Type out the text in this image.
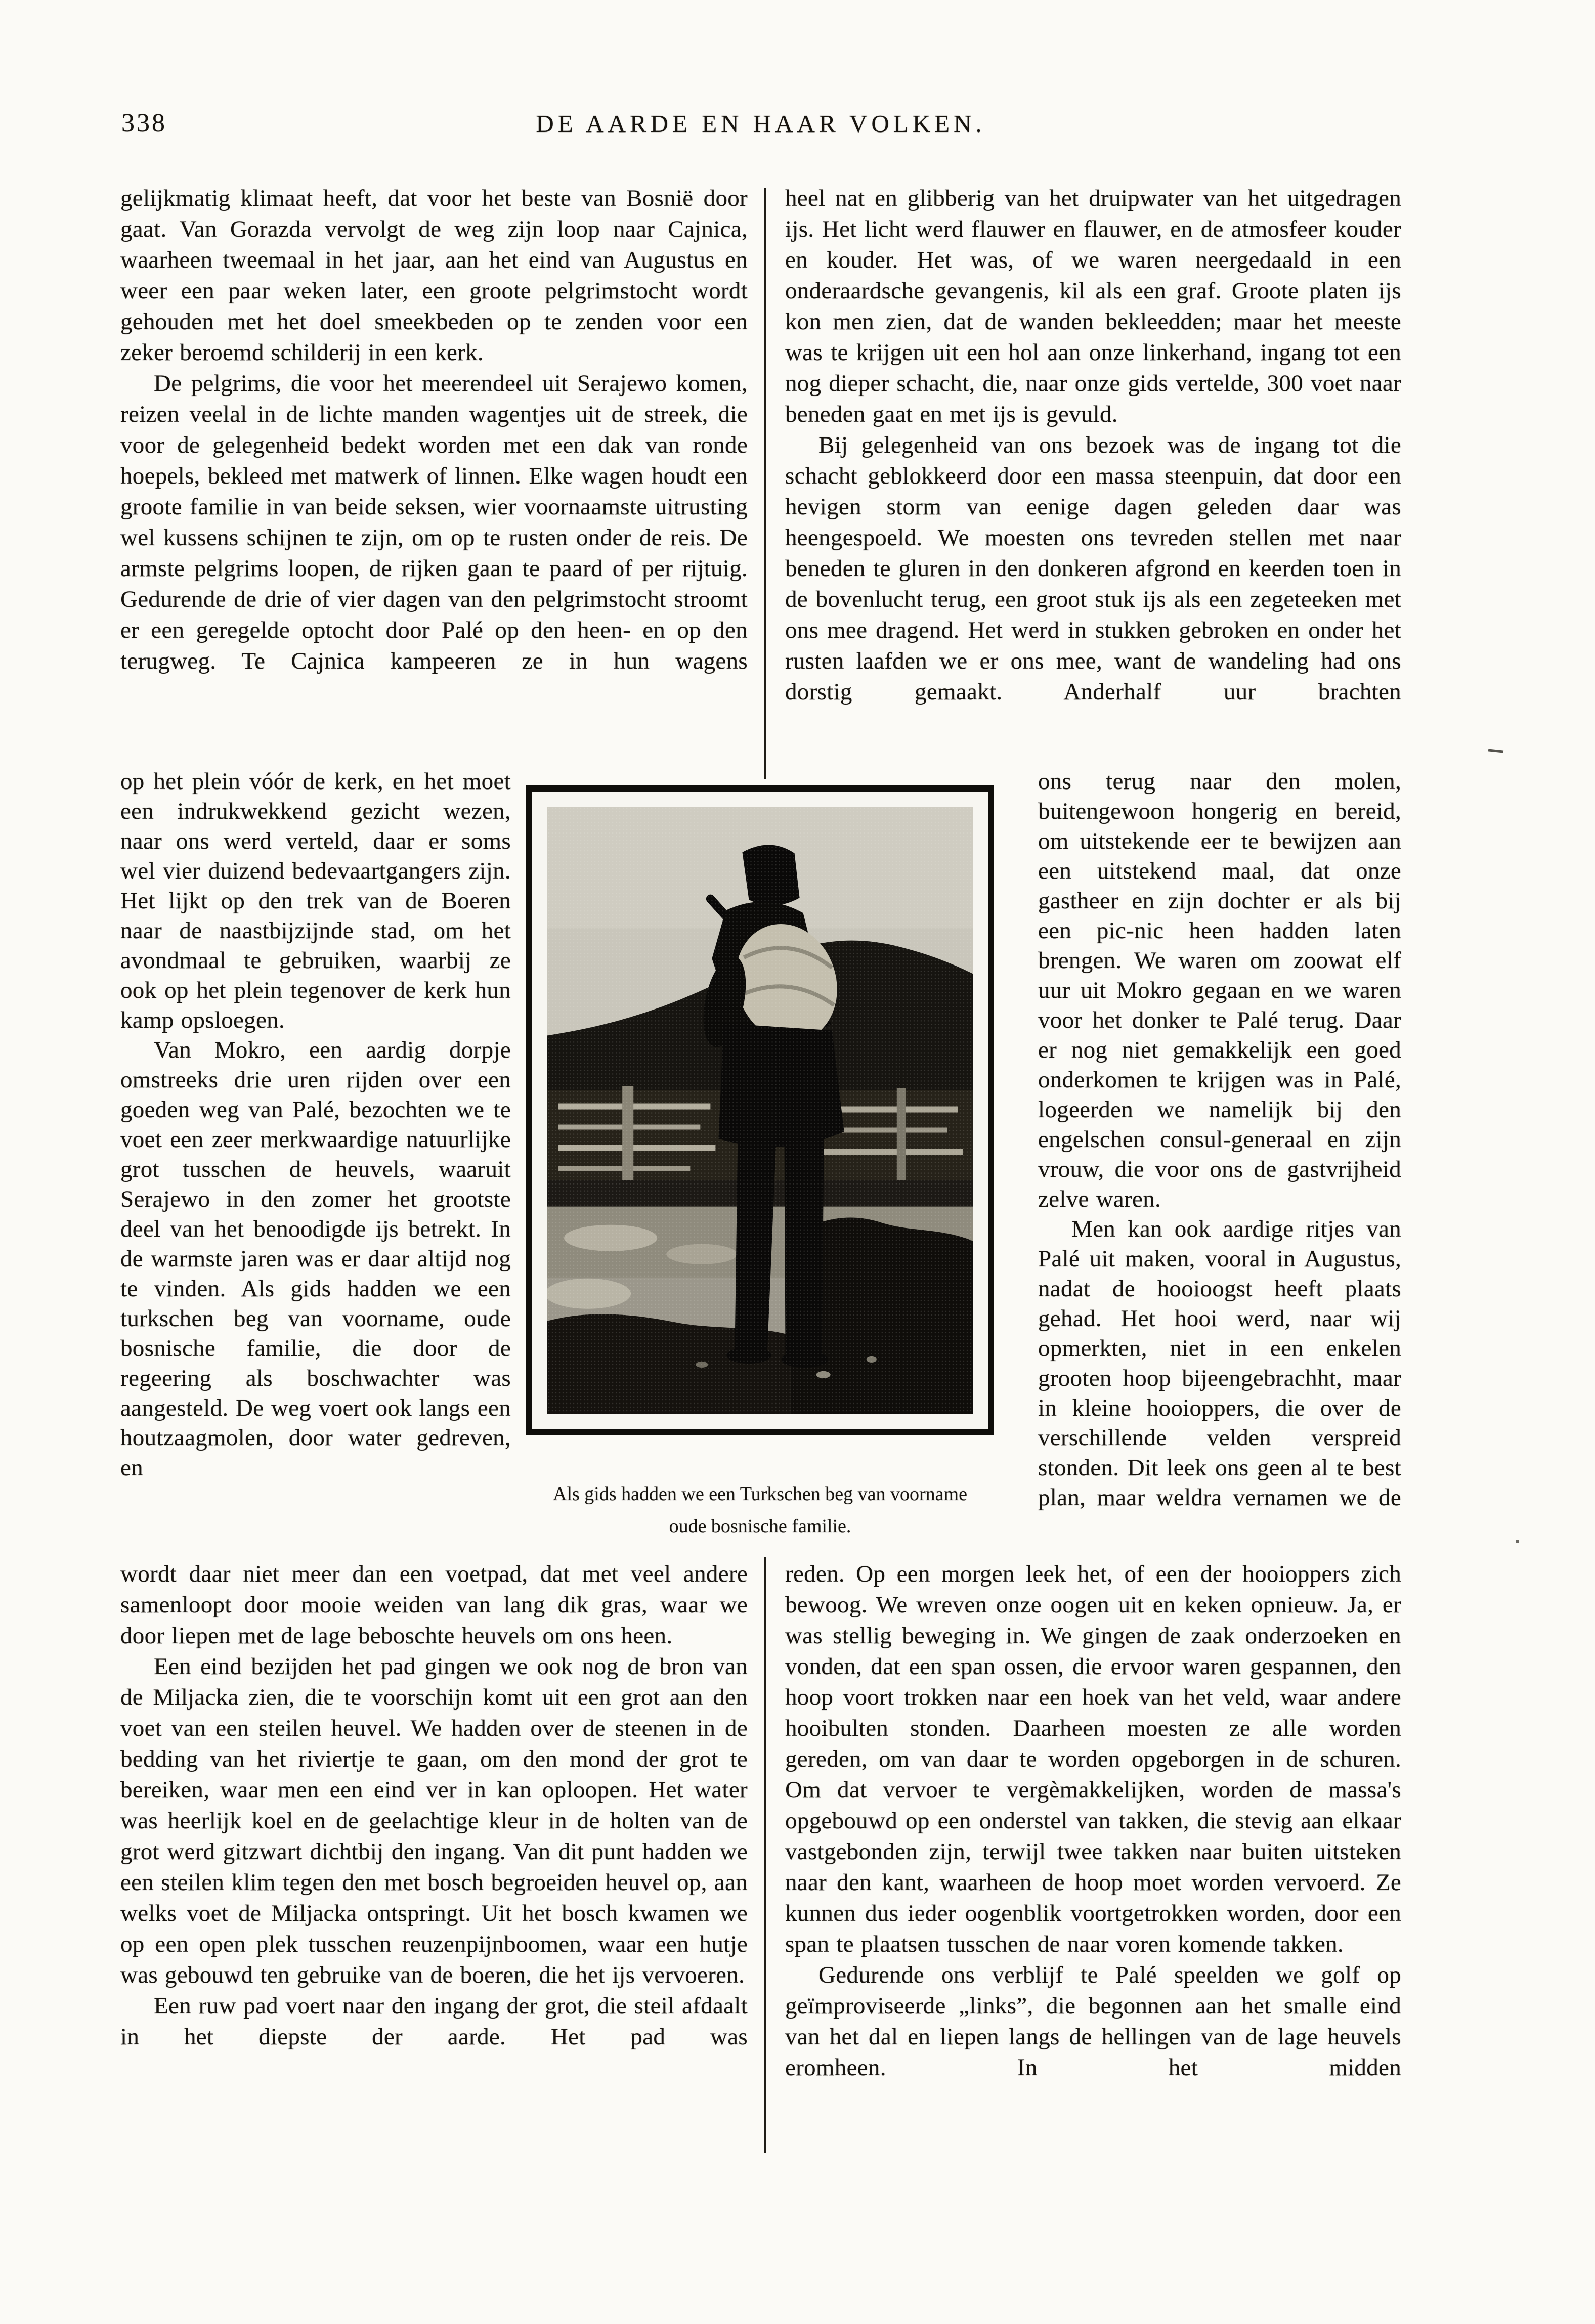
338	DE AARDE EN HAAR VOLKEN.

gelijkmatig klimaat heeft, dat voor het beste van Bosnië door gaat. Van Gorazda vervolgt de weg zijn loop naar Cajnica, waarheen tweemaal in het jaar, aan het eind van Augustus en weer een paar weken later, een groote pelgrimstocht wordt gehouden met het doel smeekbeden op te zenden voor een zeker beroemd schilderij in een kerk.

De pelgrims, die voor het meerendeel uit Serajewo komen, reizen veelal in de lichte manden wagentjes uit de streek, die voor de gelegenheid bedekt worden met een dak van ronde hoepels, bekleed met matwerk of linnen. Elke wagen houdt een groote familie in van beide seksen, wier voornaamste uitrusting wel kussens schijnen te zijn, om op te rusten onder de reis. De armste pelgrims loopen, de rijken gaan te paard of per rijtuig. Gedurende de drie of vier dagen van den pelgrimstocht stroomt er een geregelde optocht door Palé op den heen- en op den terugweg. Te Cajnica kampeeren ze in hun wagens

op het plein vóór de kerk, en het moet een indrukwekkend gezicht wezen, naar ons werd verteld, daar er soms wel vier duizend bedevaartgangers zijn. Het lijkt op den trek van de Boeren naar de naastbijzijnde stad, om het avondmaal te gebruiken, waarbij ze ook op het plein tegenover de kerk hun kamp opsloegen.

Van Mokro, een aardig dorpje omstreeks drie uren rijden over een goeden weg van Palé, bezochten we te voet een zeer merkwaardige natuurlijke grot tusschen de heuvels, waaruit Serajewo in den zomer het grootste deel van het benoodigde ijs betrekt. In de warmste jaren was er daar altijd nog te vinden. Als gids hadden we een turkschen beg van voorname, oude bosnische familie, die door de regeering als boschwachter was aangesteld. De weg voert ook langs een houtzaagmolen, door water gedreven, en

wordt daar niet meer dan een voetpad, dat met veel andere samenloopt door mooie weiden van lang dik gras, waar we door liepen met de lage beboschte heuvels om ons heen.

Een eind bezijden het pad gingen we ook nog de bron van de Miljacka zien, die te voorschijn komt uit een grot aan den voet van een steilen heuvel. We hadden over de steenen in de bedding van het riviertje te gaan, om den mond der grot te bereiken, waar men een eind ver in kan oploopen. Het water was heerlijk koel en de geelachtige kleur in de holten van de grot werd gitzwart dichtbij den ingang. Van dit punt hadden we een steilen klim tegen den met bosch begroeiden heuvel op, aan welks voet de Miljacka ontspringt. Uit het bosch kwamen we op een open plek tusschen reuzenpijnboomen, waar een hutje was gebouwd ten gebruike van de boeren, die het ijs vervoeren.

Een ruw pad voert naar den ingang der grot, die steil afdaalt in het diepste der aarde. Het pad was

heel nat en glibberig van het druipwater van het uitgedragen ijs. Het licht werd flauwer en flauwer, en de atmosfeer kouder en kouder. Het was, of we waren neergedaald in een onderaardsche gevangenis, kil als een graf. Groote platen ijs kon men zien, dat de wanden bekleedden; maar het meeste was te krijgen uit een hol aan onze linkerhand, ingang tot een nog dieper schacht, die, naar onze gids vertelde, 300 voet naar beneden gaat en met ijs is gevuld.

Bij gelegenheid van ons bezoek was de ingang tot die schacht geblokkeerd door een massa steenpuin, dat door een hevigen storm van eenige dagen geleden daar was heengespoeld. We moesten ons tevreden stellen met naar beneden te gluren in den donkeren afgrond en keerden toen in de bovenlucht terug, een groot stuk ijs als een zegeteeken met ons mee dragend. Het werd in stukken gebroken en onder het rusten laafden we er ons mee, want de wandeling had ons dorstig gemaakt. Anderhalf uur brachten

ons terug naar den molen, buitengewoon hongerig en bereid, om uitstekende eer te bewijzen aan een uitstekend maal, dat onze gastheer en zijn dochter er als bij een pic-nic heen hadden laten brengen. We waren om zoowat elf uur uit Mokro gegaan en we waren voor het donker te Palé terug. Daar er nog niet gemakkelijk een goed onderkomen te krijgen was in Palé, logeerden we namelijk bij den engelschen consul-generaal en zijn vrouw, die voor ons de gastvrijheid zelve waren.

Men kan ook aardige ritjes van Palé uit maken, vooral in Augustus, nadat de hooioogst heeft plaats gehad. Het hooi werd, naar wij opmerkten, niet in een enkelen grooten hoop bijeengebrachht, maar in kleine hooioppers, die over de verschillende velden verspreid stonden. Dit leek ons geen al te best plan, maar weldra vernamen we de

reden. Op een morgen leek het, of een der hooioppers zich bewoog. We wreven onze oogen uit en keken opnieuw. Ja, er was stellig beweging in. We gingen de zaak onderzoeken en vonden, dat een span ossen, die ervoor waren gespannen, den hoop voort trokken naar een hoek van het veld, waar andere hooibulten stonden. Daarheen moesten ze alle worden gereden, om van daar te worden opgeborgen in de schuren. Om dat vervoer te vergèmakkelijken, worden de massa's opgebouwd op een onderstel van takken, die stevig aan elkaar vastgebonden zijn, terwijl twee takken naar buiten uitsteken naar den kant, waarheen de hoop moet worden vervoerd. Ze kunnen dus ieder oogenblik voortgetrokken worden, door een span te plaatsen tusschen de naar voren komende takken.

Gedurende ons verblijf te Palé speelden we golf op geïmproviseerde „links”, die begonnen aan het smalle eind van het dal en liepen langs de hellingen van de lage heuvels eromheen. In het midden

Als gids hadden we een Turkschen beg van voorname
oude bosnische familie.
